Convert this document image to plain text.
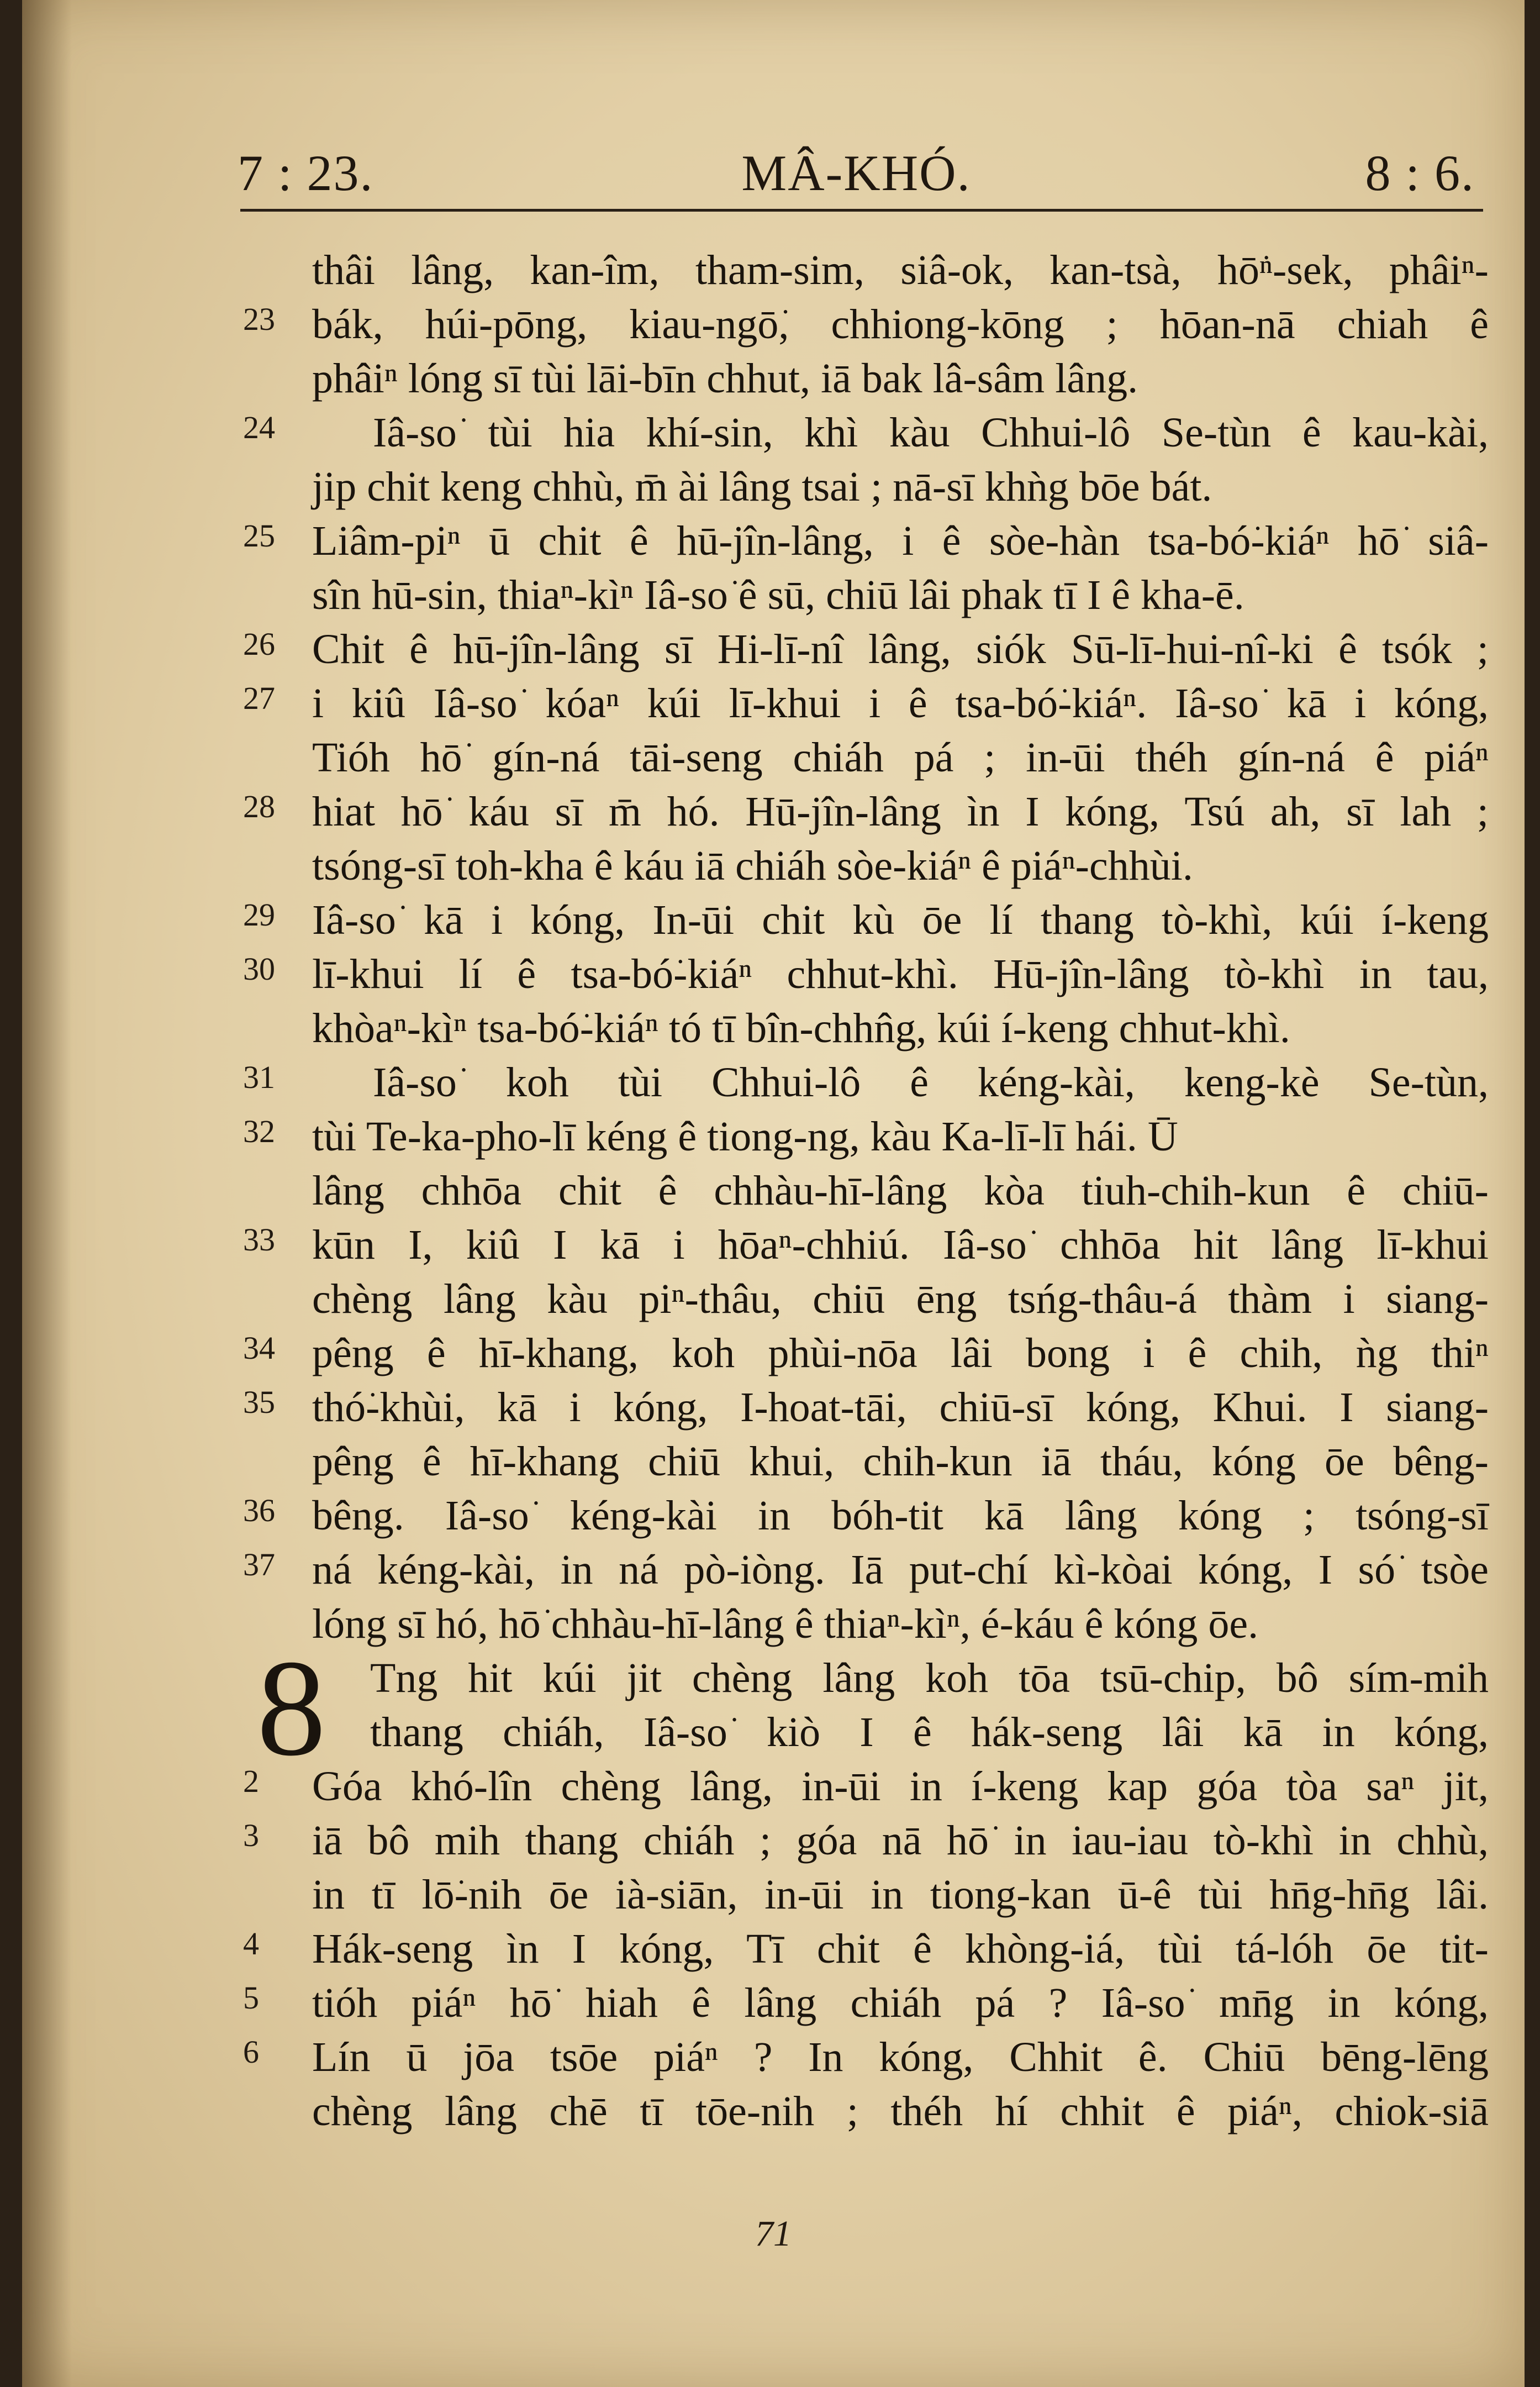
7 : 23.	MÂ-KHÓ.	8 : 6.
thâi lâng, kan-îm, tham-sim, siâ-ok, kan-tsà, hō͘ⁿ-sek, phâiⁿ-
23 bák, húi-pōng, kiau-ngō͘, chhiong-kōng ; hōan-nā chiah ê
phâiⁿ lóng sī tùi lāi-bīn chhut, iā bak lâ-sâm lâng.
24	Iâ-so͘ tùi hia khí-sin, khì kàu Chhui-lô Se-tùn ê kau-kài,
jip chit keng chhù, m̄ ài lâng tsai ; nā-sī khǹg bōe bát.
25 Liâm-piⁿ ū chit ê hū-jîn-lâng, i ê sòe-hàn tsa-bó͘-kiáⁿ hō͘ siâ-
sîn hū-sin, thiaⁿ-kìⁿ Iâ-so͘ ê sū, chiū lâi phak tī I ê kha-ē.
26 Chit ê hū-jîn-lâng sī Hi-lī-nî lâng, siók Sū-lī-hui-nî-ki ê tsók ;
27 i kiû Iâ-so͘ kóaⁿ kúi lī-khui i ê tsa-bó͘-kiáⁿ. Iâ-so͘ kā i kóng,
Tióh hō͘ gín-ná tāi-seng chiáh pá ; in-ūi théh gín-ná ê piáⁿ
28 hiat hō͘ káu sī m̄ hó. Hū-jîn-lâng ìn I kóng, Tsú ah, sī lah ;
tsóng-sī toh-kha ê káu iā chiáh sòe-kiáⁿ ê piáⁿ-chhùi.
29 Iâ-so͘ kā i kóng, In-ūi chit kù ōe lí thang tò-khì, kúi í-keng
30 lī-khui lí ê tsa-bó͘-kiáⁿ chhut-khì. Hū-jîn-lâng tò-khì in tau,
khòaⁿ-kìⁿ tsa-bó͘-kiáⁿ tó tī bîn-chhn̂g, kúi í-keng chhut-khì.
31	Iâ-so͘ koh tùi Chhui-lô ê kéng-kài, keng-kè Se-tùn,
32 tùi Te-ka-pho-lī kéng ê tiong-ng, kàu Ka-lī-lī hái. Ū
lâng chhōa chit ê chhàu-hī-lâng kòa tiuh-chih-kun ê chiū-
33 kūn I, kiû I kā i hōaⁿ-chhiú. Iâ-so͘ chhōa hit lâng lī-khui
chèng lâng kàu piⁿ-thâu, chiū ēng tsńg-thâu-á thàm i siang-
34 pêng ê hī-khang, koh phùi-nōa lâi bong i ê chih, ǹg thiⁿ
35 thó͘-khùi, kā i kóng, I-hoat-tāi, chiū-sī kóng, Khui. I siang-
pêng ê hī-khang chiū khui, chih-kun iā tháu, kóng ōe bêng-
36 bêng. Iâ-so͘ kéng-kài in bóh-tit kā lâng kóng ; tsóng-sī
37 ná kéng-kài, in ná pò-iòng. Iā put-chí kì-kòai kóng, I só͘ tsòe
lóng sī hó, hō͘ chhàu-hī-lâng ê thiaⁿ-kìⁿ, é-káu ê kóng ōe.
8 Tng hit kúi jit chèng lâng koh tōa tsū-chip, bô sím-mih
thang chiáh, Iâ-so͘ kiò I ê hák-seng lâi kā in kóng,
2	Góa khó-lîn chèng lâng, in-ūi in í-keng kap góa tòa saⁿ jit,
3	iā bô mih thang chiáh ; góa nā hō͘ in iau-iau tò-khì in chhù,
in tī lō͘-nih ōe ià-siān, in-ūi in tiong-kan ū-ê tùi hn̄g-hn̄g lâi.
4	Hák-seng ìn I kóng, Tī chit ê khòng-iá, tùi tá-lóh ōe tit-
5	tióh piáⁿ hō͘ hiah ê lâng chiáh pá ? Iâ-so͘ mn̄g in kóng,
6	Lín ū jōa tsōe piáⁿ ? In kóng, Chhit ê. Chiū bēng-lēng
chèng lâng chē tī tōe-nih ; théh hí chhit ê piáⁿ, chiok-siā
71
